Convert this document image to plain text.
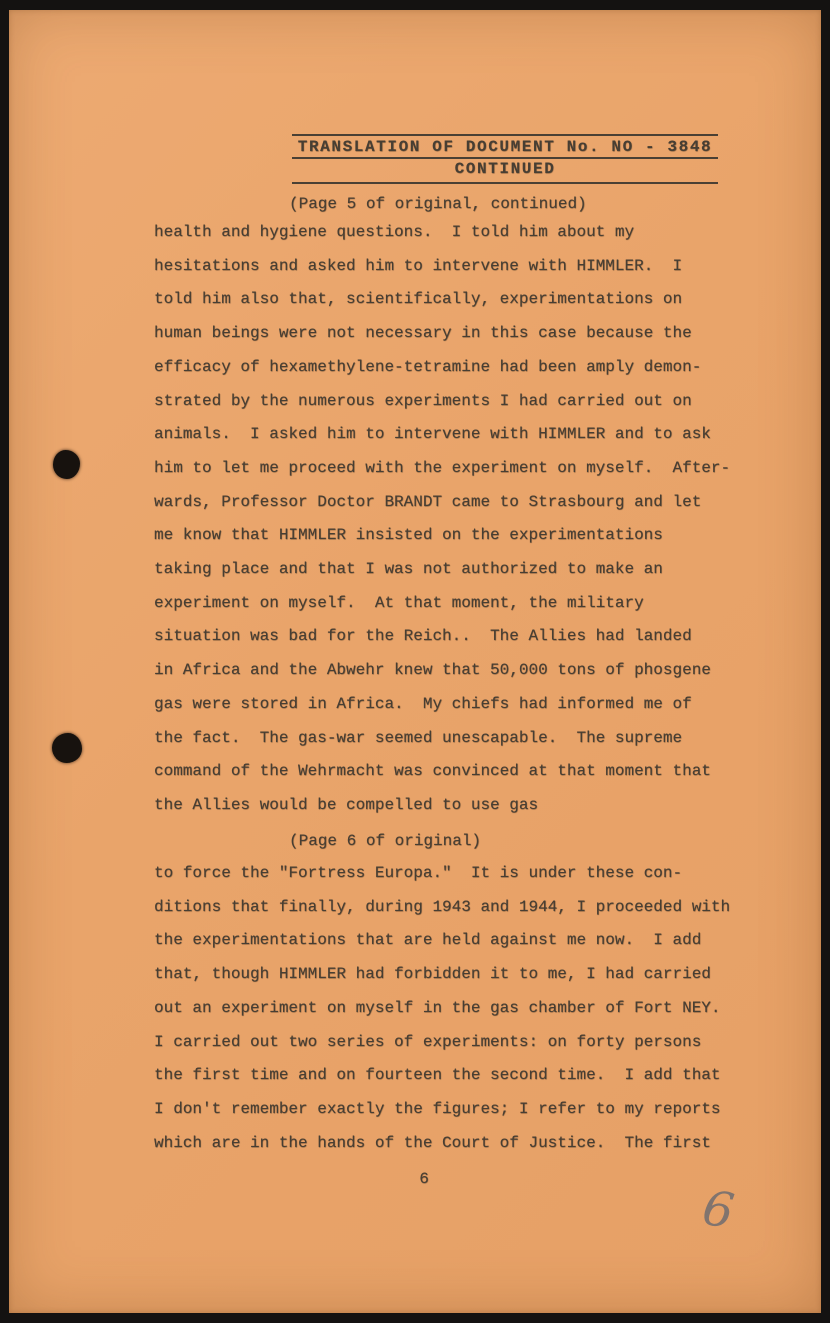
TRANSLATION OF DOCUMENT No. NO - 3848
CONTINUED
(Page 5 of original, continued)
health and hygiene questions.  I told him about my
hesitations and asked him to intervene with HIMMLER.  I
told him also that, scientifically, experimentations on
human beings were not necessary in this case because the
efficacy of hexamethylene-tetramine had been amply demon-
strated by the numerous experiments I had carried out on
animals.  I asked him to intervene with HIMMLER and to ask
him to let me proceed with the experiment on myself.  After-
wards, Professor Doctor BRANDT came to Strasbourg and let
me know that HIMMLER insisted on the experimentations
taking place and that I was not authorized to make an
experiment on myself.  At that moment, the military
situation was bad for the Reich..  The Allies had landed
in Africa and the Abwehr knew that 50,000 tons of phosgene
gas were stored in Africa.  My chiefs had informed me of
the fact.  The gas-war seemed unescapable.  The supreme
command of the Wehrmacht was convinced at that moment that
the Allies would be compelled to use gas
(Page 6 of original)
to force the "Fortress Europa."  It is under these con-
ditions that finally, during 1943 and 1944, I proceeded with
the experimentations that are held against me now.  I add
that, though HIMMLER had forbidden it to me, I had carried
out an experiment on myself in the gas chamber of Fort NEY.
I carried out two series of experiments: on forty persons
the first time and on fourteen the second time.  I add that
I don't remember exactly the figures; I refer to my reports
which are in the hands of the Court of Justice.  The first
6
6
